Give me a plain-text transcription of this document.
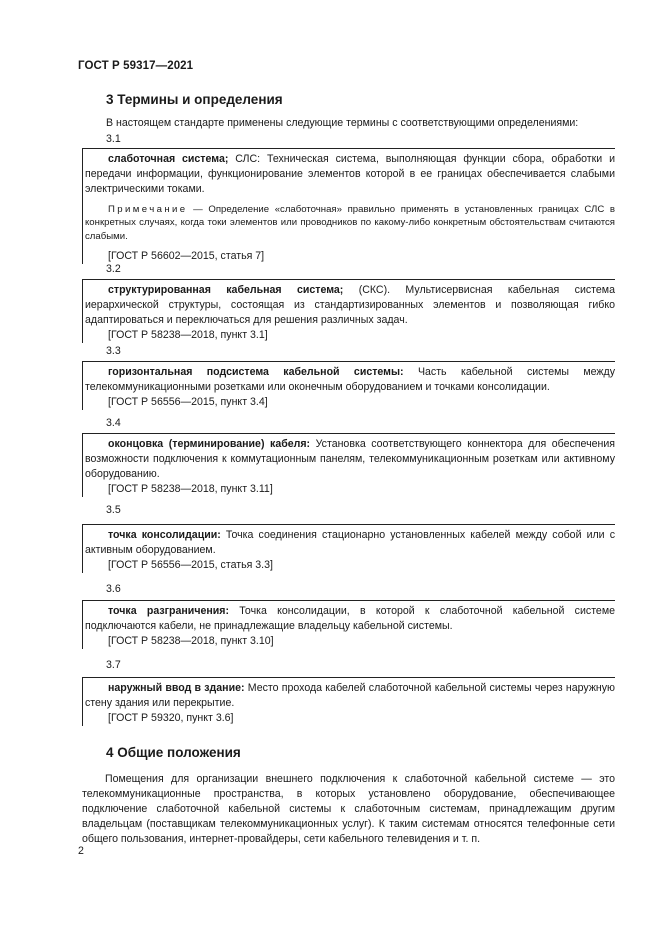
ГОСТ Р 59317—2021
3 Термины и определения
В настоящем стандарте применены следующие термины с соответствующими определениями:
3.1

слаботочная система; СЛС: Техническая система, выполняющая функции сбора, обработки и передачи информации, функционирование элементов которой в ее границах обеспечивается слабыми электрическими токами.

Примечание — Определение «слаботочная» правильно применять в установленных границах СЛС в конкретных случаях, когда токи элементов или проводников по какому-либо конкретным обстоятельствам считаются слабыми.

[ГОСТ Р 56602—2015, статья 7]

3.2

структурированная кабельная система; (СКС). Мультисервисная кабельная система иерархической структуры, состоящая из стандартизированных элементов и позволяющая гибко адаптироваться и переключаться для решения различных задач.

[ГОСТ Р 58238—2018, пункт 3.1]

3.3

горизонтальная подсистема кабельной системы: Часть кабельной системы между телекоммуникационными розетками или оконечным оборудованием и точками консолидации.

[ГОСТ Р 56556—2015, пункт 3.4]

3.4

оконцовка (терминирование) кабеля: Установка соответствующего коннектора для обеспечения возможности подключения к коммутационным панелям, телекоммуникационным розеткам или активному оборудованию.

[ГОСТ Р 58238—2018, пункт 3.11]

3.5

точка консолидации: Точка соединения стационарно установленных кабелей между собой или с активным оборудованием.

[ГОСТ Р 56556—2015, статья 3.3]

3.6

точка разграничения: Точка консолидации, в которой к слаботочной кабельной системе подключаются кабели, не принадлежащие владельцу кабельной системы.

[ГОСТ Р 58238—2018, пункт 3.10]

3.7

наружный ввод в здание: Место прохода кабелей слаботочной кабельной системы через наружную стену здания или перекрытие.

[ГОСТ Р 59320, пункт 3.6]

4 Общие положения

Помещения для организации внешнего подключения к слаботочной кабельной системе — это телекоммуникационные пространства, в которых установлено оборудование, обеспечивающее подключение слаботочной кабельной системы к слаботочным системам, принадлежащим другим владельцам (поставщикам телекоммуникационных услуг). К таким системам относятся телефонные сети общего пользования, интернет-провайдеры, сети кабельного телевидения и т. п.

2
